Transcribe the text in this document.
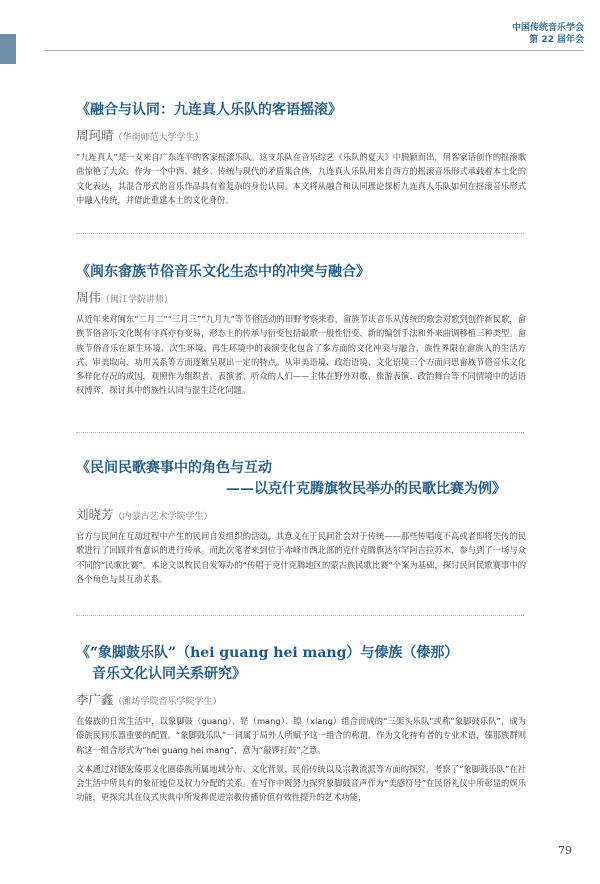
中国传统音乐学会
第 22 届年会
《融合与认同：九连真人乐队的客语摇滚》
周珂晴（华南师范大学学生）

“九连真人”是一支来自广东连平的客家摇滚乐队。这支乐队在音乐综艺《乐队的夏天》中脱颖而出，用客家话创作的摇滚歌曲惊艳了大众。作为一个中西、城乡、传统与现代的矛盾集合体，九连真人乐队用来自西方的摇滚音乐形式承载着本土化的文化表达，其混合形式的音乐作品具有着复杂的身份认同。本文将从融合和认同理论探析九连真人乐队如何在摇滚音乐形式中融入传统，并借此重建本土的文化身份。

《闽东畲族节俗音乐文化生态中的冲突与融合》
周伟（闽江学院讲师）

从近年来对闽东“二月二”“三月三”“九月九”等节俗活动的田野考察来看，畲族节庆音乐从传统的歌会对歌到创作新民歌，畲族节俗音乐文化既有守真亦有变易，形态上的传承与衍变包括最歌一般性衍变、新的编创手法和外来曲调移植三种类型。畲族节俗音乐在原生环境、次生环境、再生环境中的表演变化包含了多方面的文化冲突与融合，族性界限在畲族人的生活方式、审美取向、功用关系等方面逐渐呈现出一定的特点。从审美语境、政治语境、文化语境三个方面问思畲族节俗音乐文化多样化存况的成因，观照作为组织者、表演者、听众的人们——主体在野外对歌、旅游表演、政治舞台等不同情境中的话语权博弈，探讨其中的族性认同与混生泛化问题。

《民间民歌赛事中的角色与互动
——以克什克腾旗牧民举办的民歌比赛为例》
刘晓芳（内蒙古艺术学院学生）

官方与民间在互动过程中产生的民间自发组织的活动，其意义在于民间社会对于传统——那些传唱度不高或者即将失传的民歌进行了回顾并有意识的进行传承。而此次笔者来到位于赤峰市西北部的克什克腾旗达尔罕阿吉拉苏木，参与到了一场与众不同的“民歌比赛”。本论文以牧民自发筹办的“传唱于克什克腾地区的蒙古族民歌比赛”个案为基础，探讨民间民歌赛事中的各个角色与其互动关系。

《“象脚鼓乐队”（hei guang hei mang）与傣族（傣那）
音乐文化认同关系研究》
李广鑫（潍坊学院音乐学院学生）

在傣族的日常生活中，以象脚鼓（guang）、铓（mang）、镲（xiang）组合而成的“三架头乐队”或称“象脚鼓乐队”，成为傣族民间乐器重要的配置。“象脚鼓乐队”一词属于局外人所赋予这一组合的称谓，作为文化持有者的专业术语，傣那族群则称这一组合形式为“hei guang hei mang”，意为“敲锣打鼓”之意。

文本通过对德宏傣那文化圈傣族所属地域分布、文化背景、民俗传统以及宗教流派等方面的探究，考察了“象脚鼓乐队”在社会生活中所具有的象征地位及权力分配的关系。在写作中既努力探究象脚鼓音声作为“美感符号”在民俗礼仪中所彰显的娱乐功能，更探究其在仪式庆典中所发挥促进宗教传播价值有效性提升的艺术功能，

79
